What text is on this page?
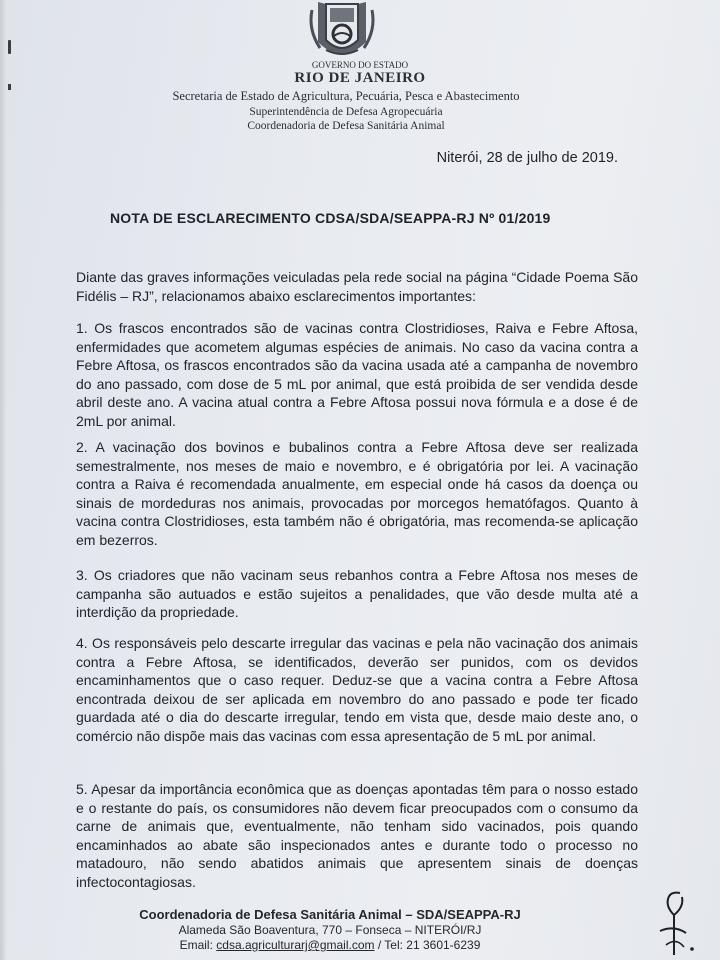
GOVERNO DO ESTADO
RIO DE JANEIRO
Secretaria de Estado de Agricultura, Pecuária, Pesca e Abastecimento
Superintendência de Defesa Agropecuária
Coordenadoria de Defesa Sanitária Animal
Niterói, 28 de julho de 2019.
NOTA DE ESCLARECIMENTO CDSA/SDA/SEAPPA-RJ Nº 01/2019
Diante das graves informações veiculadas pela rede social na página “Cidade Poema São Fidélis – RJ”, relacionamos abaixo esclarecimentos importantes:
1. Os frascos encontrados são de vacinas contra Clostridioses, Raiva e Febre Aftosa, enfermidades que acometem algumas espécies de animais. No caso da vacina contra a Febre Aftosa, os frascos encontrados são da vacina usada até a campanha de novembro do ano passado, com dose de 5 mL por animal, que está proibida de ser vendida desde abril deste ano. A vacina atual contra a Febre Aftosa possui nova fórmula e a dose é de 2mL por animal.
2. A vacinação dos bovinos e bubalinos contra a Febre Aftosa deve ser realizada semestralmente, nos meses de maio e novembro, e é obrigatória por lei. A vacinação contra a Raiva é recomendada anualmente, em especial onde há casos da doença ou sinais de mordeduras nos animais, provocadas por morcegos hematófagos. Quanto à vacina contra Clostridioses, esta também não é obrigatória, mas recomenda-se aplicação em bezerros.
3. Os criadores que não vacinam seus rebanhos contra a Febre Aftosa nos meses de campanha são autuados e estão sujeitos a penalidades, que vão desde multa até a interdição da propriedade.
4. Os responsáveis pelo descarte irregular das vacinas e pela não vacinação dos animais contra a Febre Aftosa, se identificados, deverão ser punidos, com os devidos encaminhamentos que o caso requer. Deduz-se que a vacina contra a Febre Aftosa encontrada deixou de ser aplicada em novembro do ano passado e pode ter ficado guardada até o dia do descarte irregular, tendo em vista que, desde maio deste ano, o comércio não dispõe mais das vacinas com essa apresentação de 5 mL por animal.
5. Apesar da importância econômica que as doenças apontadas têm para o nosso estado e o restante do país, os consumidores não devem ficar preocupados com o consumo da carne de animais que, eventualmente, não tenham sido vacinados, pois quando encaminhados ao abate são inspecionados antes e durante todo o processo no matadouro, não sendo abatidos animais que apresentem sinais de doenças infectocontagiosas.
Coordenadoria de Defesa Sanitária Animal – SDA/SEAPPA-RJ
Alameda São Boaventura, 770 – Fonseca – NITERÓI/RJ
Email: cdsa.agriculturarj@gmail.com / Tel: 21 3601-6239
